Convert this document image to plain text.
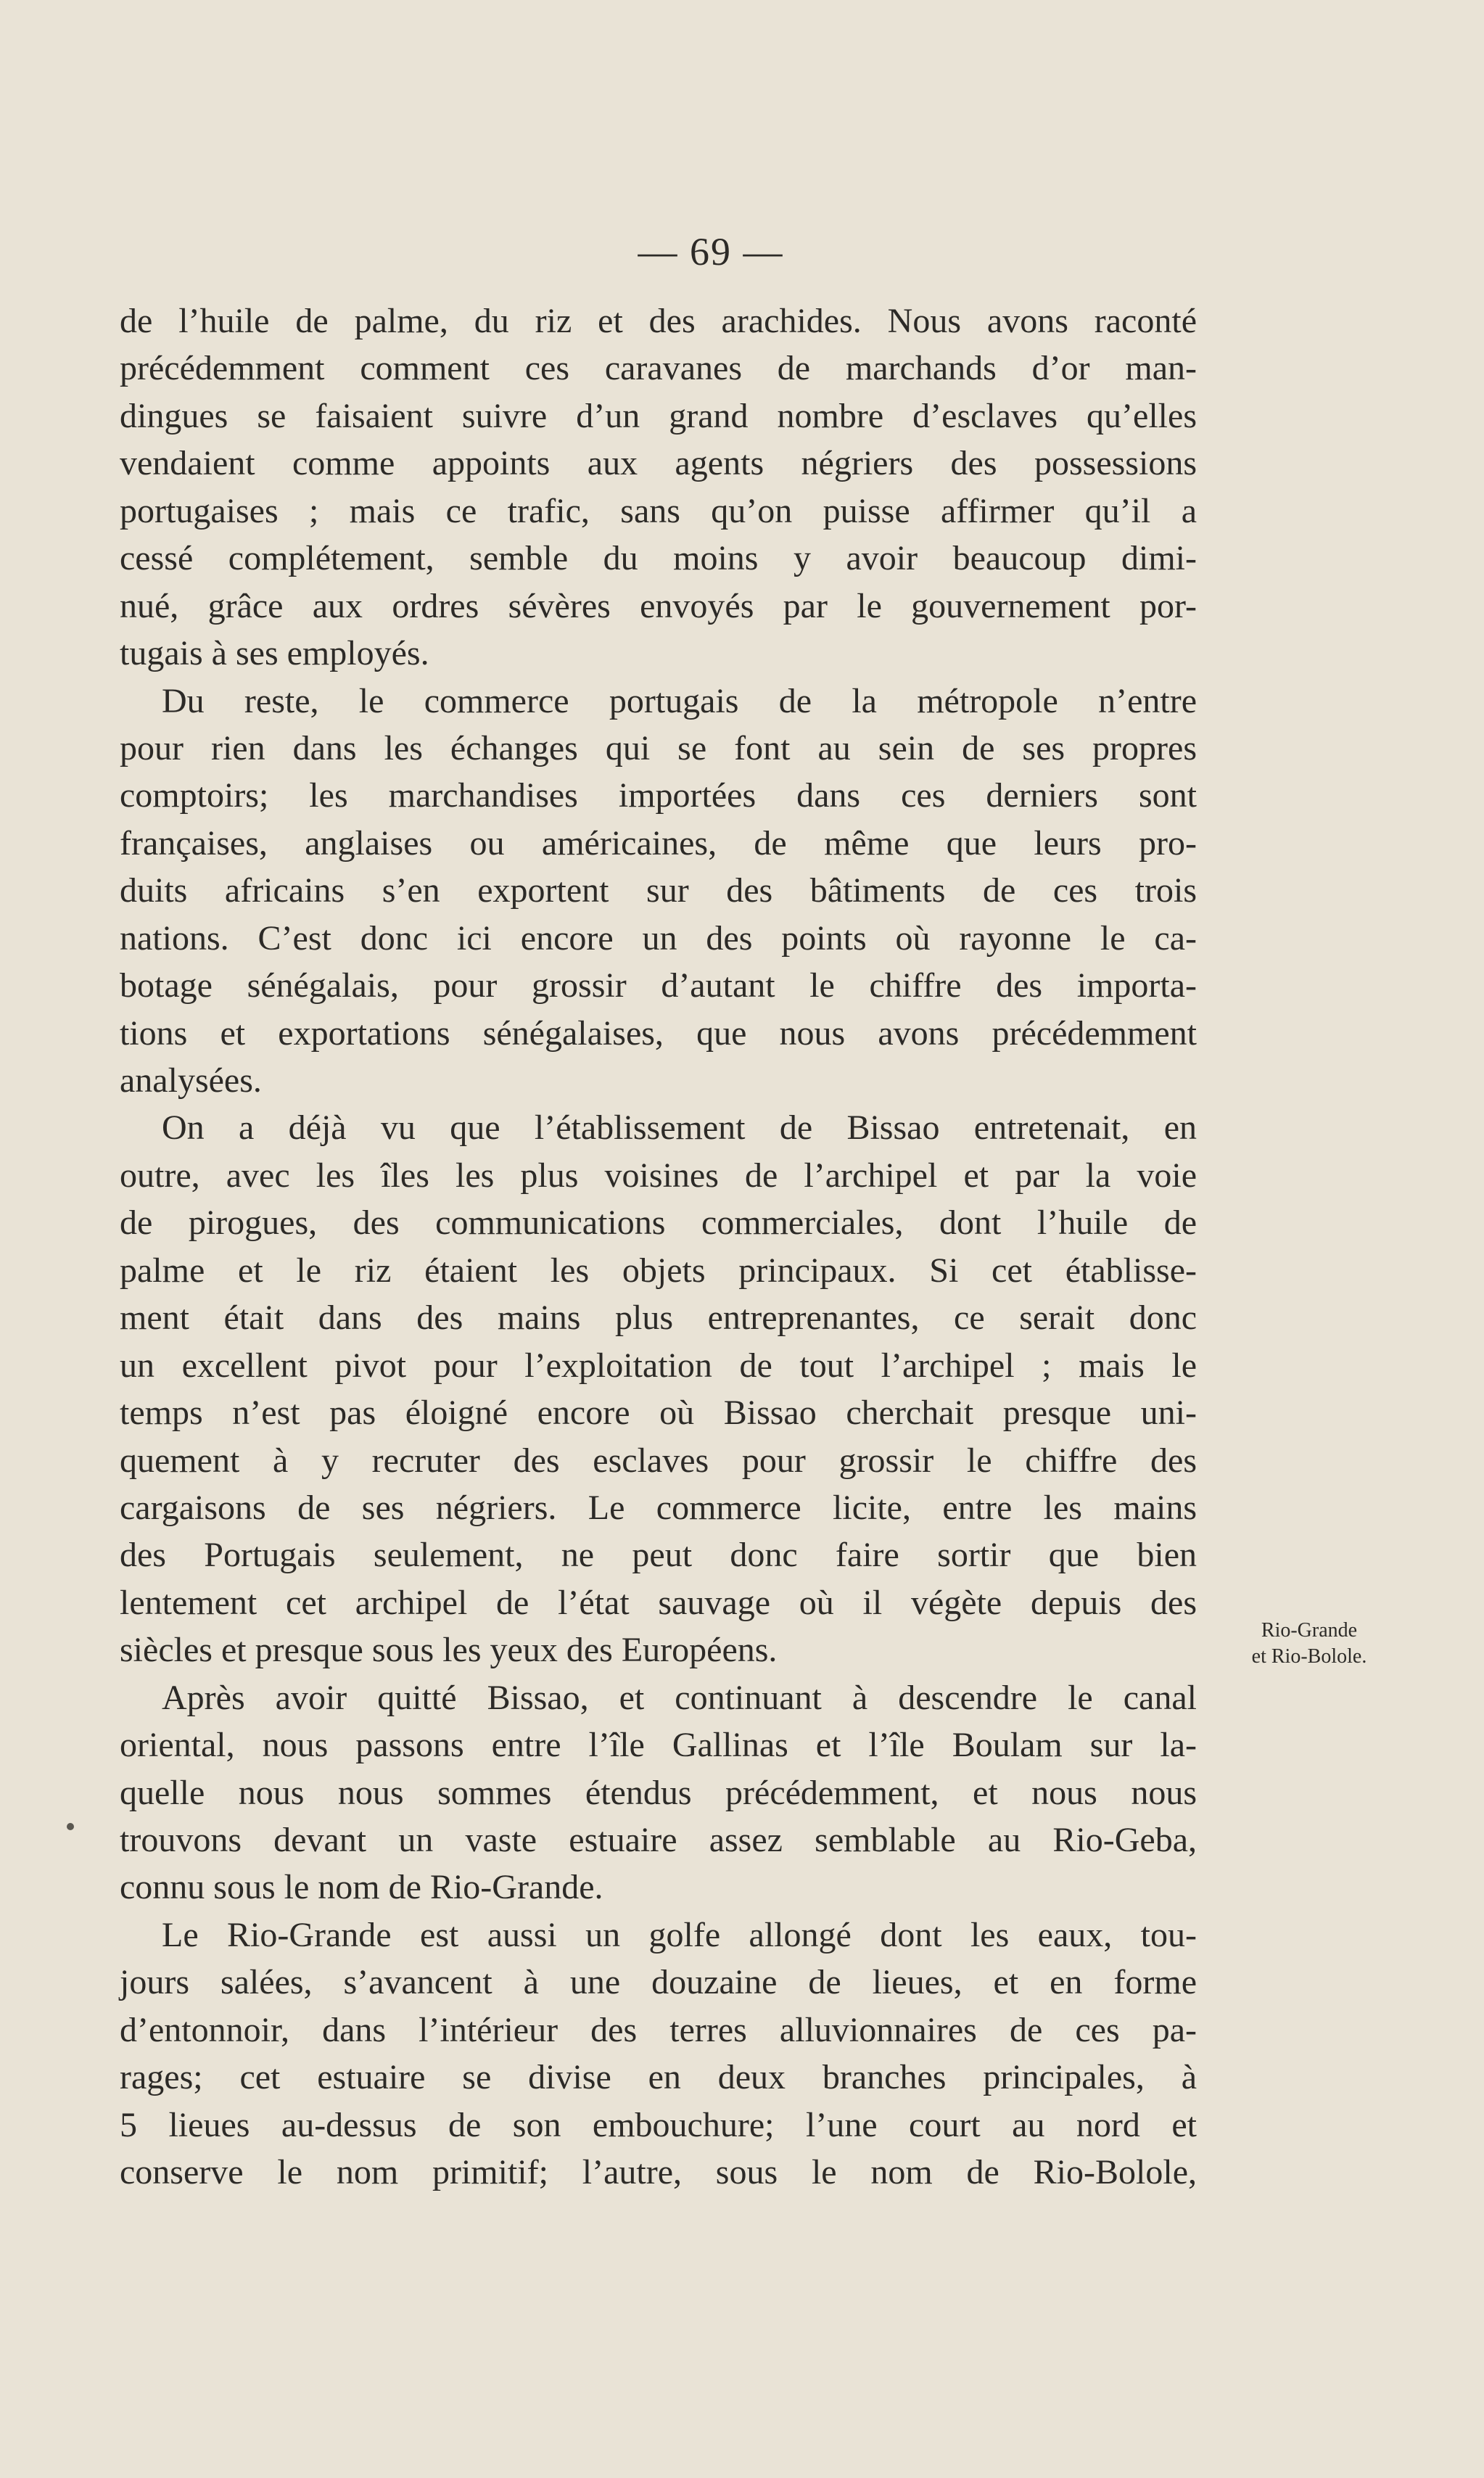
— 69 —
de l’huile de palme, du riz et des arachides. Nous avons raconté
précédemment comment ces caravanes de marchands d’or man-
dingues se faisaient suivre d’un grand nombre d’esclaves qu’elles
vendaient comme appoints aux agents négriers des possessions
portugaises ; mais ce trafic, sans qu’on puisse affirmer qu’il a
cessé complétement, semble du moins y avoir beaucoup dimi-
nué, grâce aux ordres sévères envoyés par le gouvernement por-
tugais à ses employés.
Du reste, le commerce portugais de la métropole n’entre
pour rien dans les échanges qui se font au sein de ses propres
comptoirs; les marchandises importées dans ces derniers sont
françaises, anglaises ou américaines, de même que leurs pro-
duits africains s’en exportent sur des bâtiments de ces trois
nations. C’est donc ici encore un des points où rayonne le ca-
botage sénégalais, pour grossir d’autant le chiffre des importa-
tions et exportations sénégalaises, que nous avons précédemment
analysées.
On a déjà vu que l’établissement de Bissao entretenait, en
outre, avec les îles les plus voisines de l’archipel et par la voie
de pirogues, des communications commerciales, dont l’huile de
palme et le riz étaient les objets principaux. Si cet établisse-
ment était dans des mains plus entreprenantes, ce serait donc
un excellent pivot pour l’exploitation de tout l’archipel ; mais le
temps n’est pas éloigné encore où Bissao cherchait presque uni-
quement à y recruter des esclaves pour grossir le chiffre des
cargaisons de ses négriers. Le commerce licite, entre les mains
des Portugais seulement, ne peut donc faire sortir que bien
lentement cet archipel de l’état sauvage où il végète depuis des
siècles et presque sous les yeux des Européens.
Après avoir quitté Bissao, et continuant à descendre le canal
oriental, nous passons entre l’île Gallinas et l’île Boulam sur la-
quelle nous nous sommes étendus précédemment, et nous nous
trouvons devant un vaste estuaire assez semblable au Rio-Geba,
connu sous le nom de Rio-Grande.
Le Rio-Grande est aussi un golfe allongé dont les eaux, tou-
jours salées, s’avancent à une douzaine de lieues, et en forme
d’entonnoir, dans l’intérieur des terres alluvionnaires de ces pa-
rages; cet estuaire se divise en deux branches principales, à
5 lieues au-dessus de son embouchure; l’une court au nord et
conserve le nom primitif; l’autre, sous le nom de Rio-Bolole,
Rio-Grande
et Rio-Bolole.
